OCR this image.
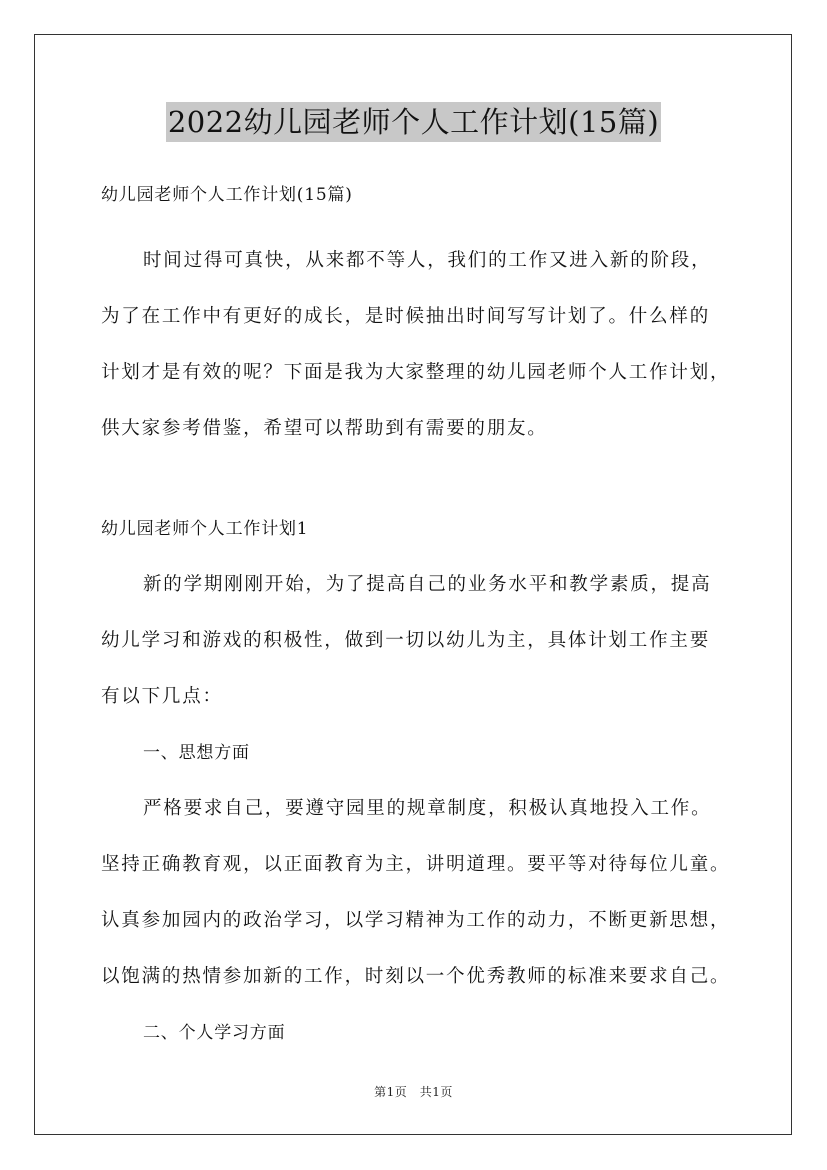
2022幼儿园老师个人工作计划(15篇)
幼儿园老师个人工作计划(15篇)
时间过得可真快，从来都不等人，我们的工作又进入新的阶段，
为了在工作中有更好的成长，是时候抽出时间写写计划了。什么样的
计划才是有效的呢？下面是我为大家整理的幼儿园老师个人工作计划，
供大家参考借鉴，希望可以帮助到有需要的朋友。
幼儿园老师个人工作计划1
新的学期刚刚开始，为了提高自己的业务水平和教学素质，提高
幼儿学习和游戏的积极性，做到一切以幼儿为主，具体计划工作主要
有以下几点：
一、思想方面
严格要求自己，要遵守园里的规章制度，积极认真地投入工作。
坚持正确教育观，以正面教育为主，讲明道理。要平等对待每位儿童。
认真参加园内的政治学习，以学习精神为工作的动力，不断更新思想，
以饱满的热情参加新的工作，时刻以一个优秀教师的标准来要求自己。
二、个人学习方面
第1页　共1页
